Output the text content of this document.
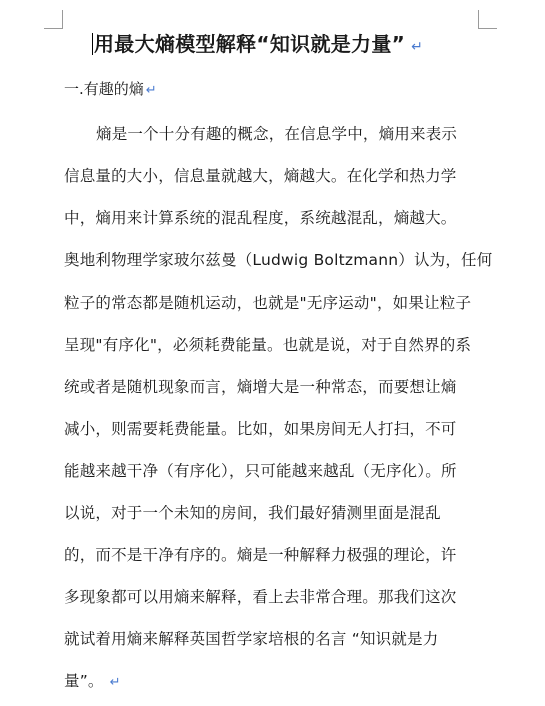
用最大熵模型解释“知识就是力量” ↵
一.有趣的熵 ↵
熵是一个十分有趣的概念，在信息学中，熵用来表示
信息量的大小，信息量就越大，熵越大。在化学和热力学
中，熵用来计算系统的混乱程度，系统越混乱，熵越大。
奥地利物理学家玻尔兹曼（Ludwig Boltzmann）认为，任何
粒子的常态都是随机运动，也就是"无序运动"，如果让粒子
呈现"有序化"，必须耗费能量。也就是说，对于自然界的系
统或者是随机现象而言，熵增大是一种常态，而要想让熵
减小，则需要耗费能量。比如，如果房间无人打扫，不可
能越来越干净（有序化），只可能越来越乱（无序化）。所
以说，对于一个未知的房间，我们最好猜测里面是混乱
的，而不是干净有序的。熵是一种解释力极强的理论，许
多现象都可以用熵来解释，看上去非常合理。那我们这次
就试着用熵来解释英国哲学家培根的名言 “知识就是力
量”。 ↵
